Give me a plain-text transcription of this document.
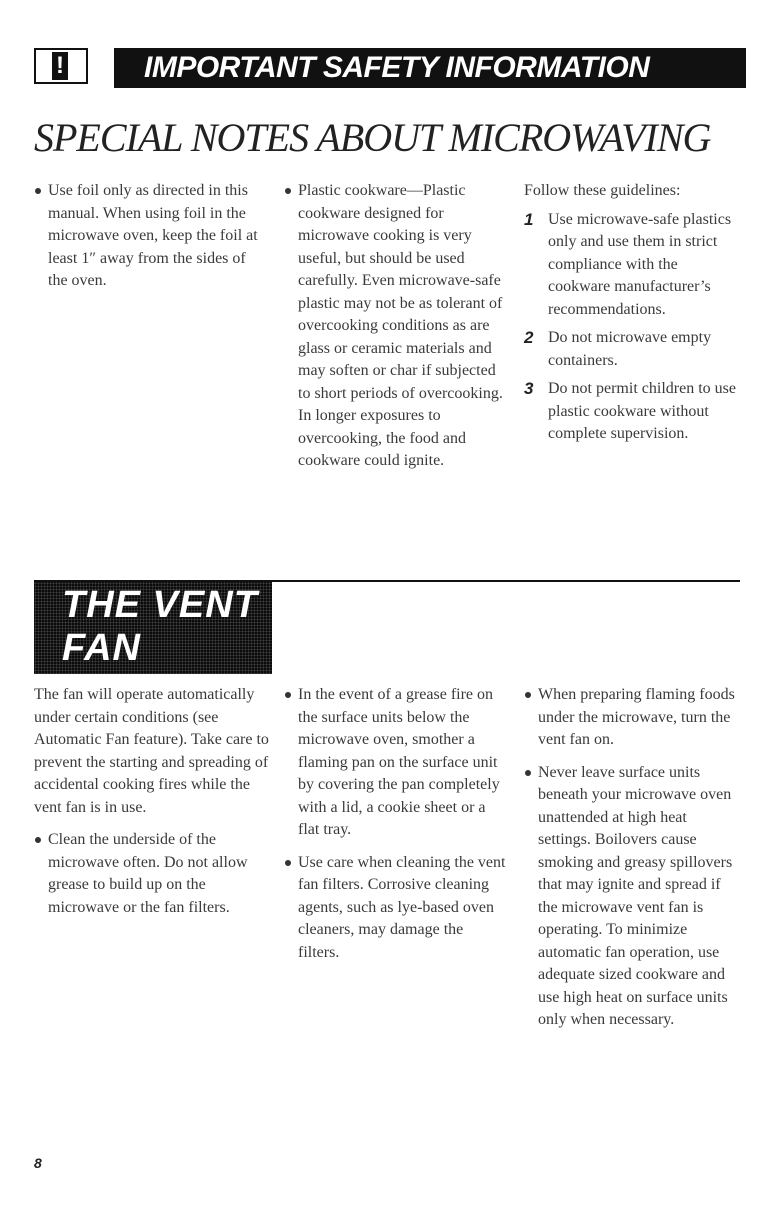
!	IMPORTANT SAFETY INFORMATION
SPECIAL NOTES ABOUT MICROWAVING

Use foil only as directed in this manual. When using foil in the microwave oven, keep the foil at least 1″ away from the sides of the oven.

Plastic cookware—Plastic cookware designed for microwave cooking is very useful, but should be used carefully. Even microwave-safe plastic may not be as tolerant of overcooking conditions as are glass or ceramic materials and may soften or char if subjected to short periods of overcooking. In longer exposures to overcooking, the food and cookware could ignite.

Follow these guidelines:

1 Use microwave-safe plastics only and use them in strict compliance with the cookware manufacturer’s recommendations.

2 Do not microwave empty containers.

3 Do not permit children to use plastic cookware without complete supervision.

THE VENT
FAN

The fan will operate automatically under certain conditions (see Automatic Fan feature). Take care to prevent the starting and spreading of accidental cooking fires while the vent fan is in use.

Clean the underside of the microwave often. Do not allow grease to build up on the microwave or the fan filters.

In the event of a grease fire on the surface units below the microwave oven, smother a flaming pan on the surface unit by covering the pan completely with a lid, a cookie sheet or a flat tray.

Use care when cleaning the vent fan filters. Corrosive cleaning agents, such as lye-based oven cleaners, may damage the filters.

When preparing flaming foods under the microwave, turn the vent fan on.

Never leave surface units beneath your microwave oven unattended at high heat settings. Boilovers cause smoking and greasy spillovers that may ignite and spread if the microwave vent fan is operating. To minimize automatic fan operation, use adequate sized cookware and use high heat on surface units only when necessary.

8
